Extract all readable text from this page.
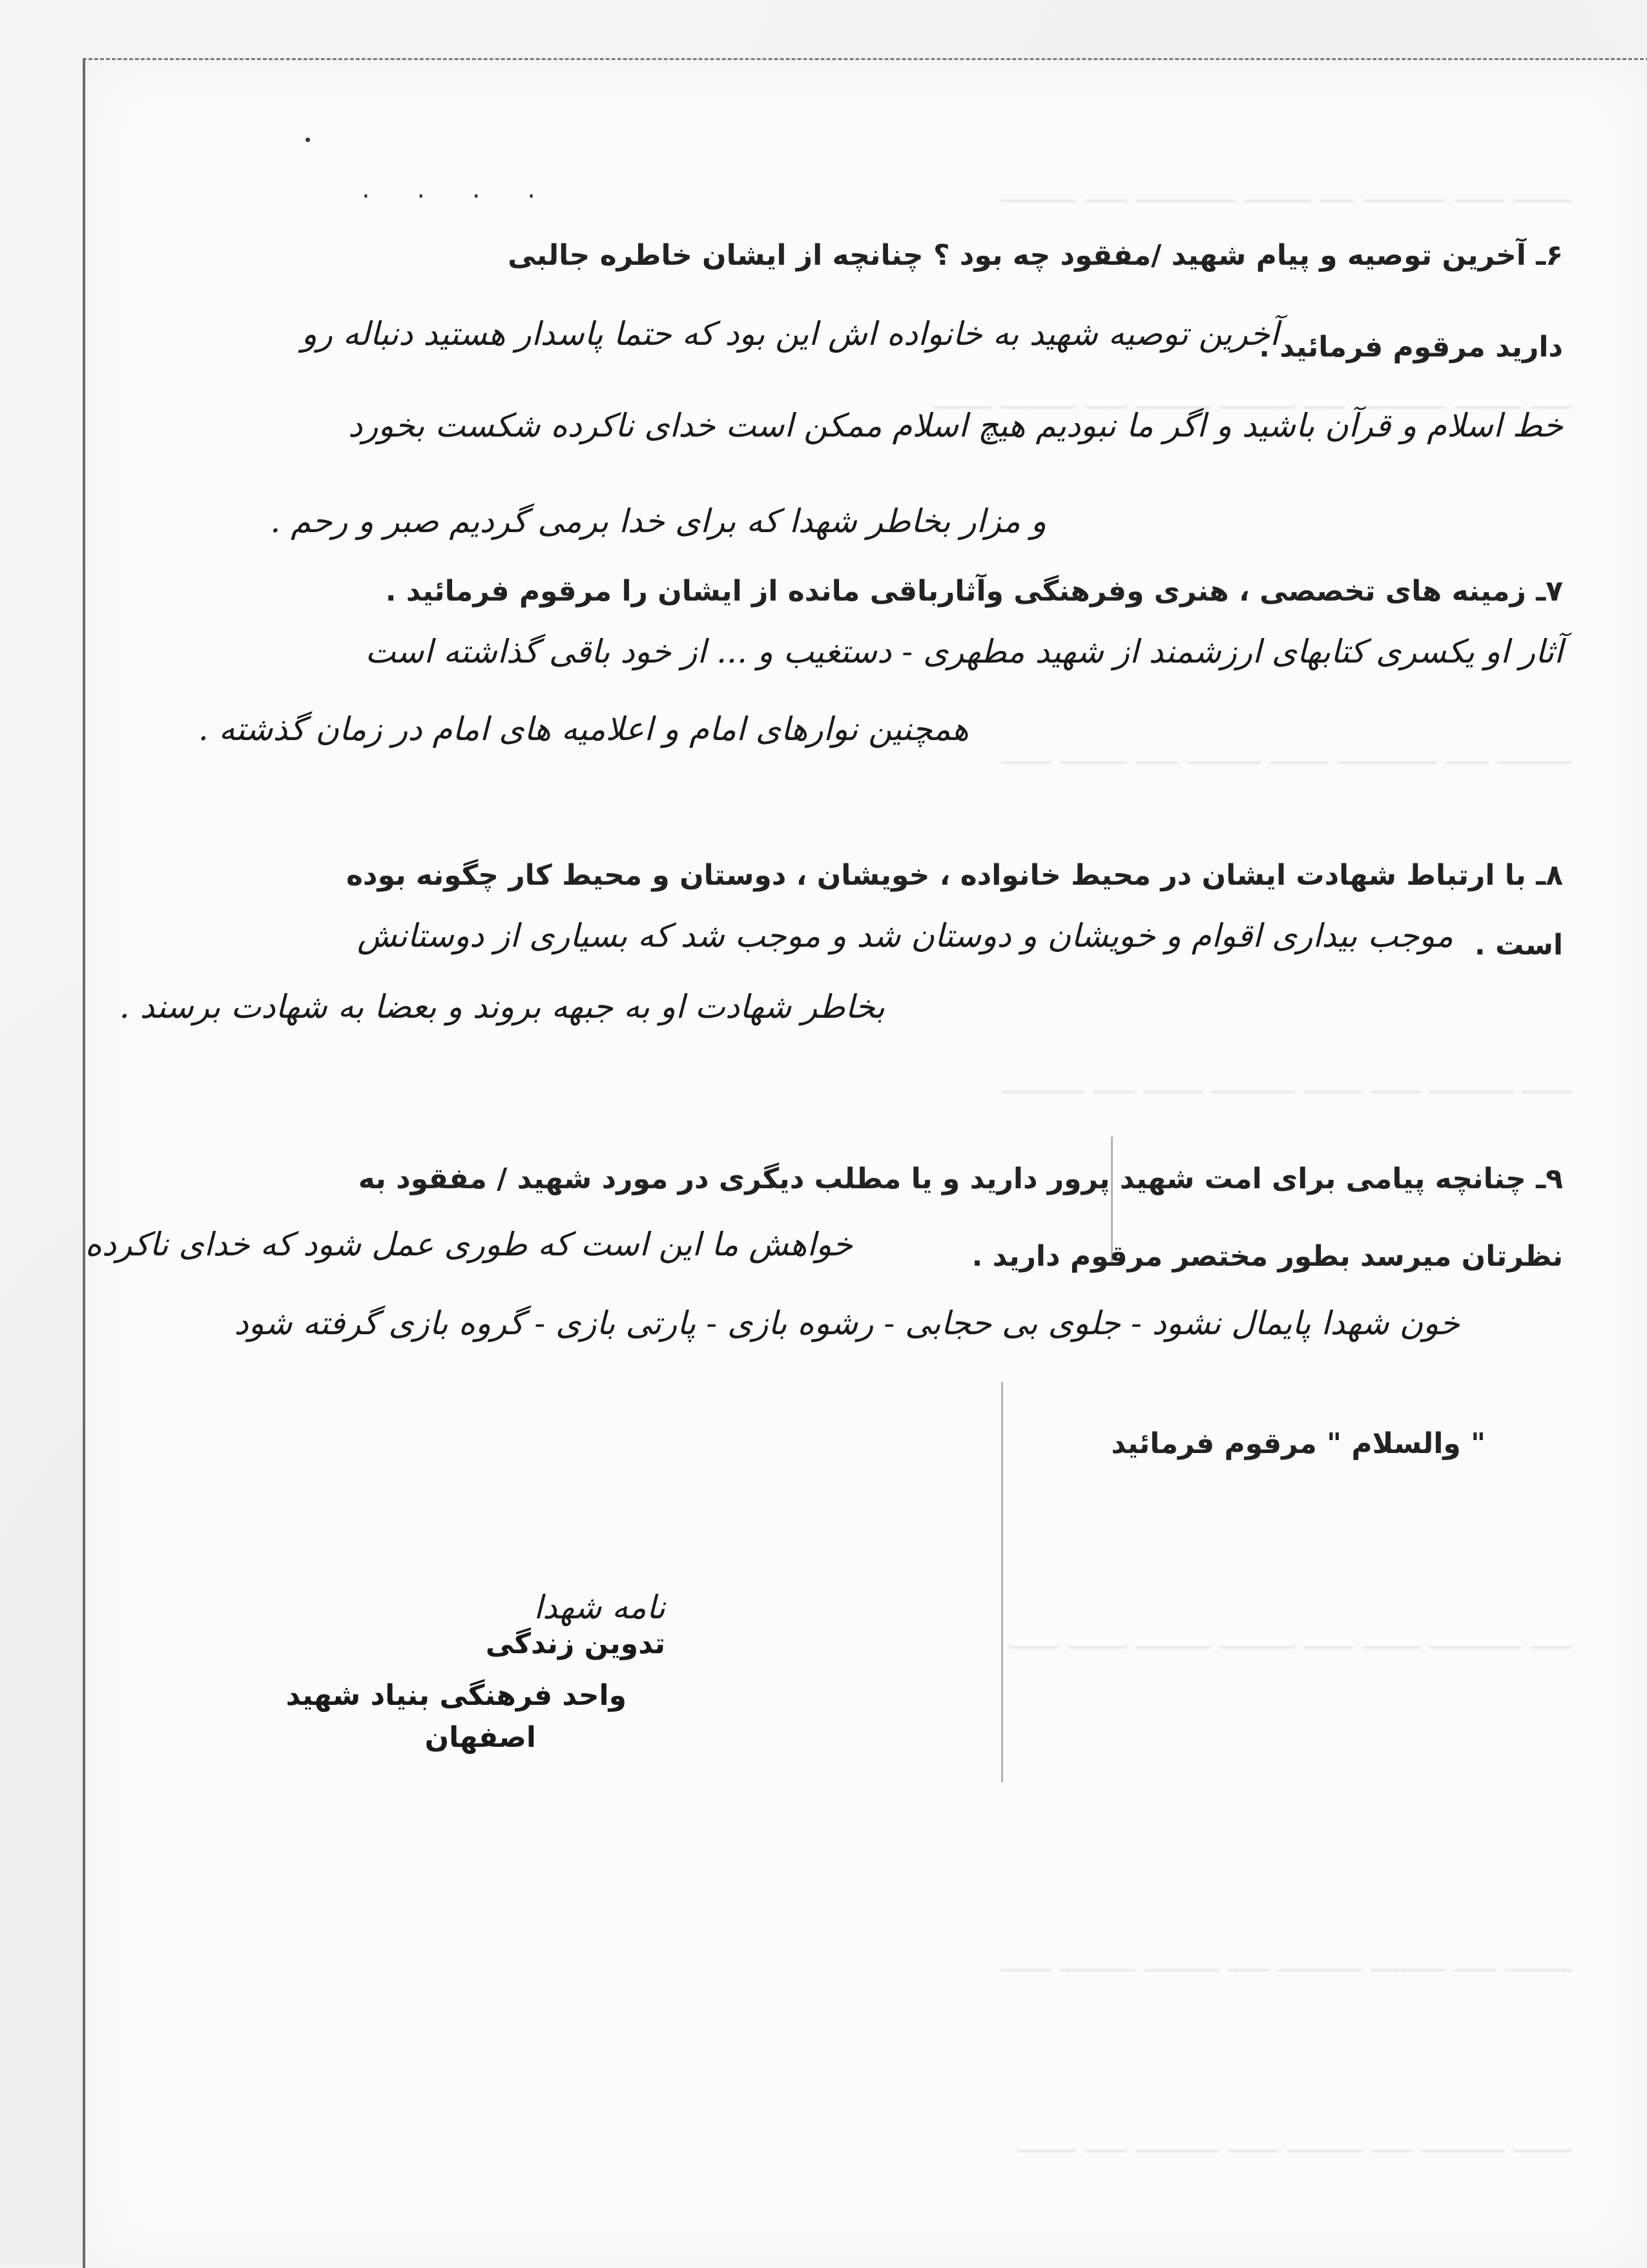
ـــــــ ــــــ ــــــــــ ــــ ــــــــ ــــــــــــ ـــــ ـــــــــ
ـــــ ــــــــ ـــــــــــ ـــــ ـــــــــ ـــــــــ ـــــ ـــــــــ ـــــــ
ـــــــــ ـــــ ــــــــــــ ـــــــ ـــــــــ ـــــ ــــــــ ــــــ
ــــــ ــــــــــ ــــــ ـــــــ ــــــــــ ـــــــ ـــــ ــــــــــ
ـــــ ـــــــــــ ـــــــ ــــــ ـــــــــ ـــــــــ ـــــــ ــــــ
ــــــــ ـــــ ـــــــــ ــــــــــ ـــــ ـــــــــ ـــــــــ ــــــ
ـــــــ ــــــــــ ـــــ ـــــــــ ــــــ ــــــــــ ـــــ ـــــــ
. . . .
۶ـ آخرین توصیه و پیام شهید /مفقود چه بود ؟ چنانچه از ایشان خاطره جالبی
دارید مرقوم فرمائید .
آخرین توصیه شهید به خانواده اش این بود که حتما پاسدار هستید دنباله رو
خط اسلام و قرآن باشید و اگر ما نبودیم هیچ اسلام ممکن است خدای ناکرده شکست بخورد
و مزار بخاطر شهدا که برای خدا برمی گردیم صبر و رحم .
۷ـ زمینه های تخصصی ، هنری وفرهنگی وآثارباقی مانده از ایشان را مرقوم فرمائید .
آثار او یکسری کتابهای ارزشمند از شهید مطهری - دستغیب و ... از خود باقی گذاشته است
همچنین نوارهای امام و اعلامیه های امام در زمان گذشته .
۸ـ با ارتباط شهادت ایشان در محیط خانواده ، خویشان ، دوستان و محیط کار چگونه بوده
است .
موجب بیداری اقوام و خویشان و دوستان شد و موجب شد که بسیاری از دوستانش
بخاطر شهادت او به جبهه بروند و بعضا به شهادت برسند .
۹ـ چنانچه پیامی برای امت شهید پرور دارید و یا مطلب دیگری در مورد شهید / مفقود به
نظرتان میرسد بطور مختصر مرقوم دارید .
خواهش ما این است که طوری عمل شود که خدای ناکرده
خون شهدا پایمال نشود - جلوی بی حجابی - رشوه بازی - پارتی بازی - گروه بازی گرفته شود
" والسلام " مرقوم فرمائید
نامه شهدا
تدوین زندگی
واحد فرهنگی بنیاد شهید
اصفهان
